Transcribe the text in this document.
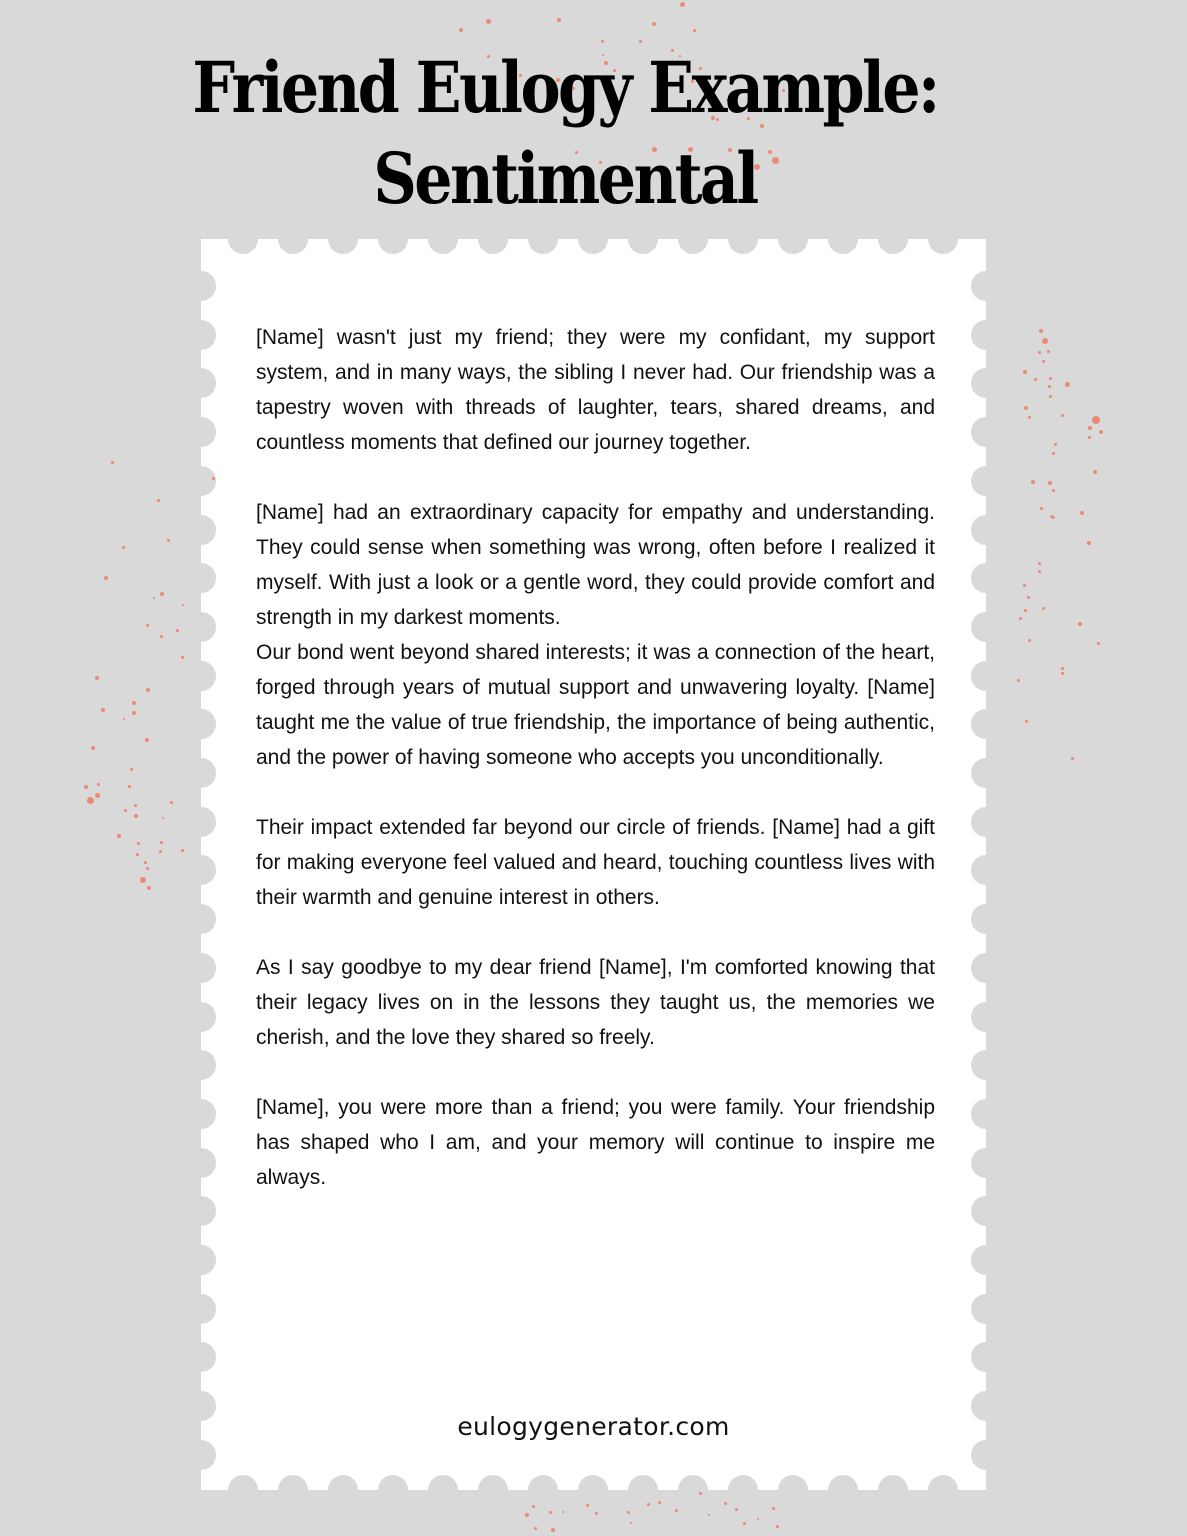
Friend Eulogy Example:
Sentimental

[Name] wasn't just my friend; they were my confidant, my support system, and in many ways, the sibling I never had. Our friendship was a tapestry woven with threads of laughter, tears, shared dreams, and countless moments that defined our journey together.

[Name] had an extraordinary capacity for empathy and understanding. They could sense when something was wrong, often before I realized it myself. With just a look or a gentle word, they could provide comfort and strength in my darkest moments.

Our bond went beyond shared interests; it was a connection of the heart, forged through years of mutual support and unwavering loyalty. [Name] taught me the value of true friendship, the importance of being authentic, and the power of having someone who accepts you unconditionally.

Their impact extended far beyond our circle of friends. [Name] had a gift for making everyone feel valued and heard, touching countless lives with their warmth and genuine interest in others.

As I say goodbye to my dear friend [Name], I'm comforted knowing that their legacy lives on in the lessons they taught us, the memories we cherish, and the love they shared so freely.

[Name], you were more than a friend; you were family. Your friendship has shaped who I am, and your memory will continue to inspire me always.

eulogygenerator.com
